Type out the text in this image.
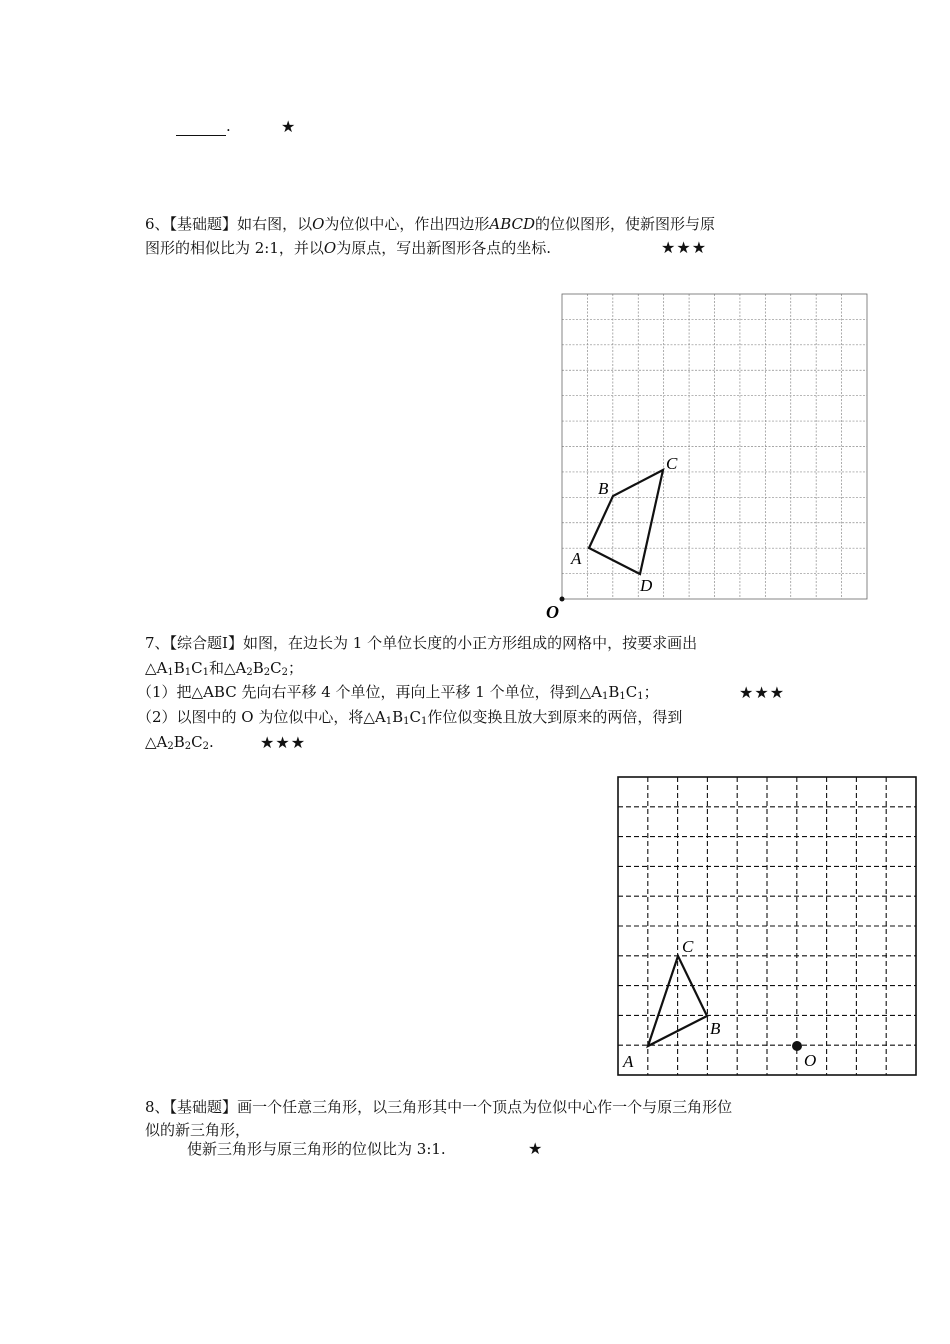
.	★
6、【基础题】如右图，以O为位似中心，作出四边形ABCD的位似图形，使新图形与原
图形的相似比为 2:1，并以O为原点，写出新图形各点的坐标.	★★★
A
B
C
D
O
7、【综合题Ⅰ】如图，在边长为 1 个单位长度的小正方形组成的网格中，按要求画出
$\triangle A_1B_1C_1$和$\triangle A_2B_2C_2$；
（1）把△ABC 先向右平移 4 个单位，再向上平移 1 个单位，得到$\triangle A_1B_1C_1$；	★★★
（2）以图中的 O 为位似中心，将$\triangle A_1B_1C_1$作位似变换且放大到原来的两倍，得到
$\triangle A_2B_2C_2$.	★★★
A
B
C
O
8、【基础题】画一个任意三角形，以三角形其中一个顶点为位似中心作一个与原三角形位
似的新三角形，
使新三角形与原三角形的位似比为 3:1.	★
